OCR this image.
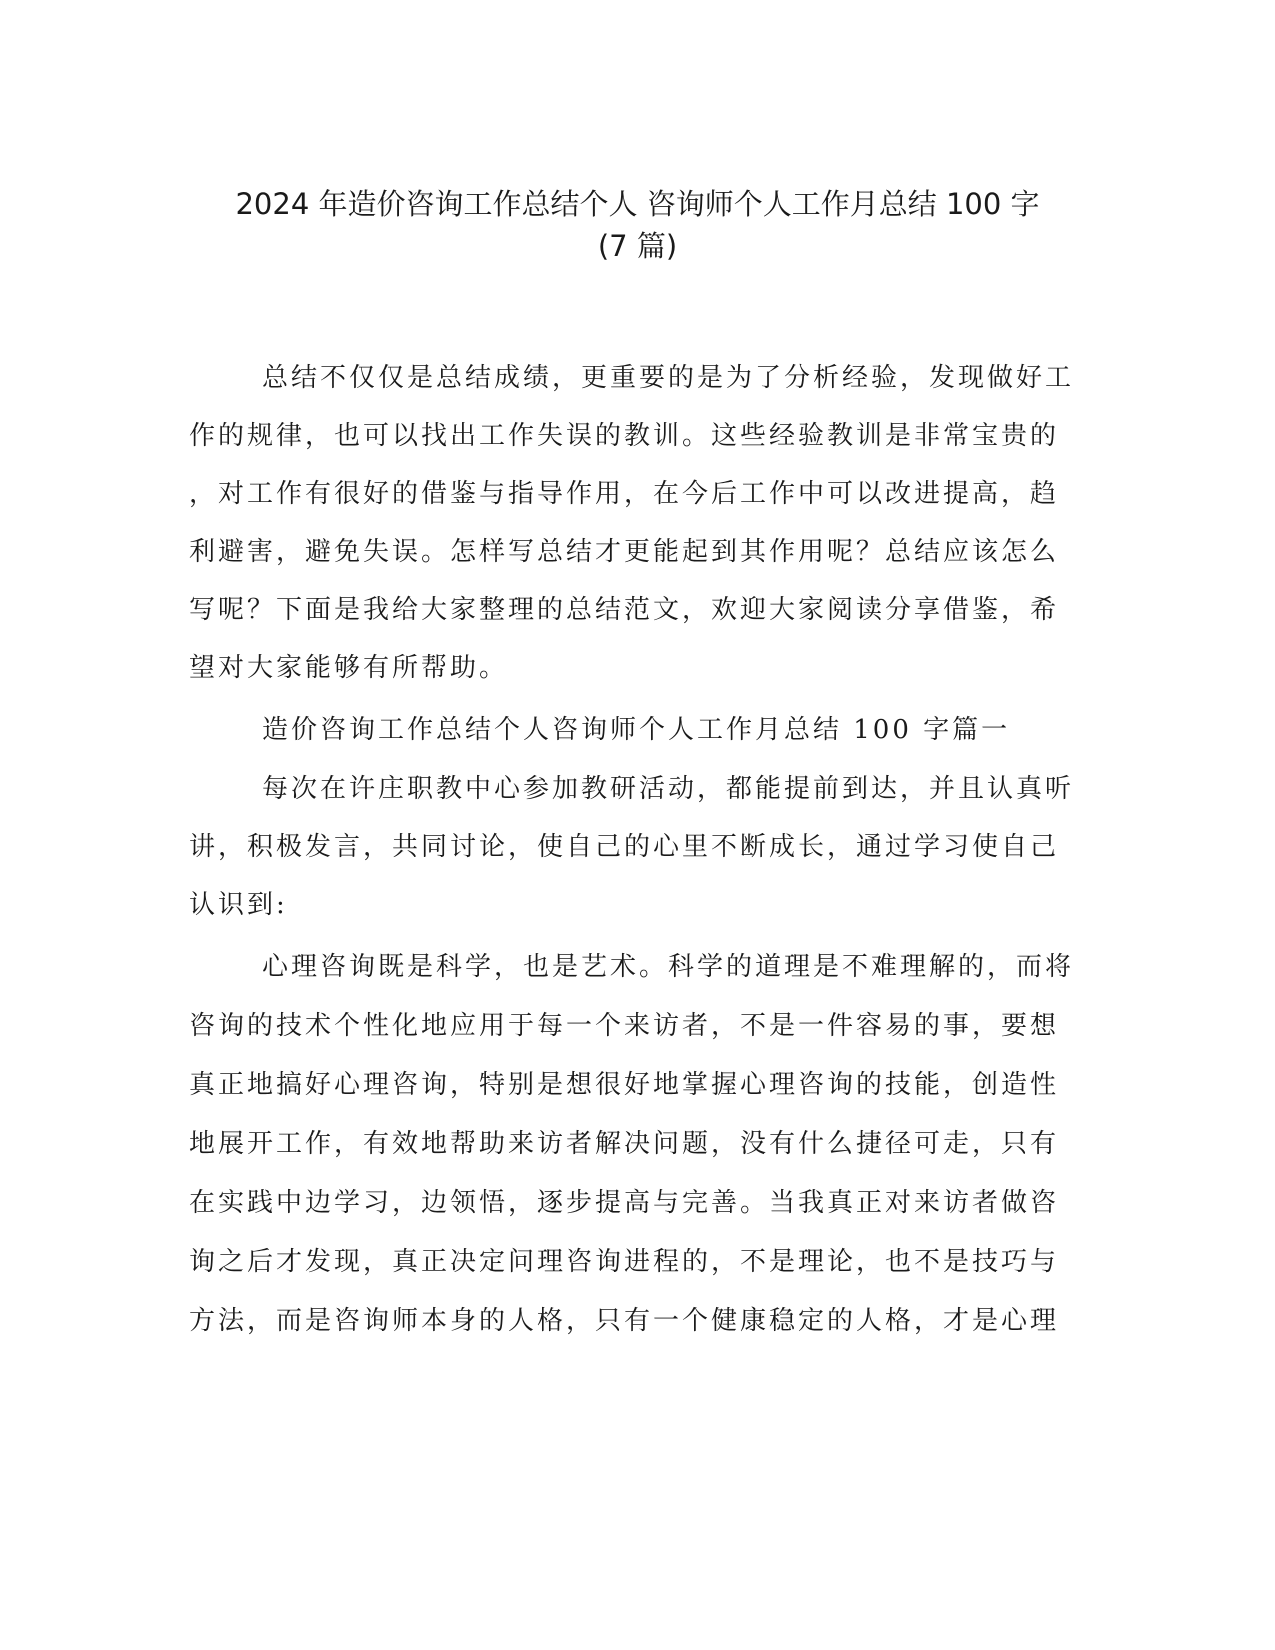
2024 年造价咨询工作总结个人 咨询师个人工作月总结 100 字
(7 篇)

总结不仅仅是总结成绩，更重要的是为了分析经验，发现做好工

作的规律，也可以找出工作失误的教训。这些经验教训是非常宝贵的

，对工作有很好的借鉴与指导作用，在今后工作中可以改进提高，趋

利避害，避免失误。怎样写总结才更能起到其作用呢？总结应该怎么

写呢？下面是我给大家整理的总结范文，欢迎大家阅读分享借鉴，希

望对大家能够有所帮助。

造价咨询工作总结个人咨询师个人工作月总结 100 字篇一

每次在许庄职教中心参加教研活动，都能提前到达，并且认真听

讲，积极发言，共同讨论，使自己的心里不断成长，通过学习使自己

认识到:

心理咨询既是科学，也是艺术。科学的道理是不难理解的，而将

咨询的技术个性化地应用于每一个来访者，不是一件容易的事，要想

真正地搞好心理咨询，特别是想很好地掌握心理咨询的技能，创造性

地展开工作，有效地帮助来访者解决问题，没有什么捷径可走，只有

在实践中边学习，边领悟，逐步提高与完善。当我真正对来访者做咨

询之后才发现，真正决定问理咨询进程的，不是理论，也不是技巧与

方法，而是咨询师本身的人格，只有一个健康稳定的人格，才是心理
